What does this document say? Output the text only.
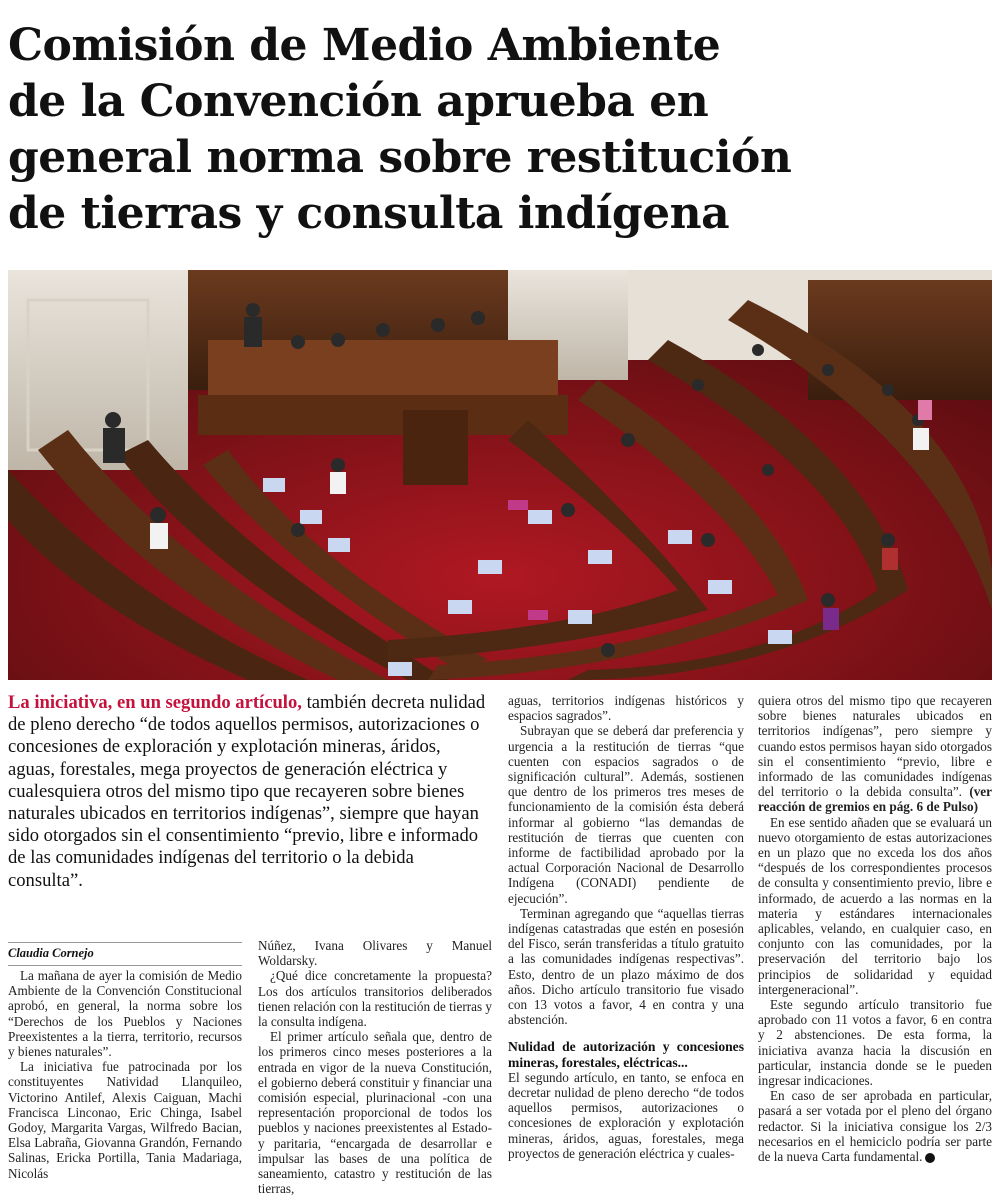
Comisión de Medio Ambiente
de la Convención aprueba en
general norma sobre restitución
de tierras y consulta indígena

La iniciativa, en un segundo artículo, también decreta nulidad de pleno derecho “de todos aquellos permisos, autorizaciones o concesiones de exploración y explotación mineras, áridos, aguas, forestales, mega proyectos de generación eléctrica y cualesquiera otros del mismo tipo que recayeren sobre bienes naturales ubicados en territorios indígenas”, siempre que hayan sido otorgados sin el consentimiento “previo, libre e informado de las comunidades indígenas del territorio o la debida consulta”.

Claudia Cornejo

La mañana de ayer la comisión de Medio Ambiente de la Convención Constitucional aprobó, en general, la norma sobre los “Derechos de los Pueblos y Naciones Preexistentes a la tierra, territorio, recursos y bienes naturales”.

La iniciativa fue patrocinada por los constituyentes Natividad Llanquileo, Victorino Antilef, Alexis Caiguan, Machi Francisca Linconao, Eric Chinga, Isabel Godoy, Margarita Vargas, Wilfredo Bacian, Elsa Labraña, Giovanna Grandón, Fernando Salinas, Ericka Portilla, Tania Madariaga, Nicolás

Núñez, Ivana Olivares y Manuel Woldarsky.

¿Qué dice concretamente la propuesta? Los dos artículos transitorios deliberados tienen relación con la restitución de tierras y la consulta indígena.

El primer artículo señala que, dentro de los primeros cinco meses posteriores a la entrada en vigor de la nueva Constitución, el gobierno deberá constituir y financiar una comisión especial, plurinacional -con una representación proporcional de todos los pueblos y naciones preexistentes al Estado- y paritaria, “encargada de desarrollar e impulsar las bases de una política de saneamiento, catastro y restitución de las tierras,

aguas, territorios indígenas históricos y espacios sagrados”.

Subrayan que se deberá dar preferencia y urgencia a la restitución de tierras “que cuenten con espacios sagrados o de significación cultural”. Además, sostienen que dentro de los primeros tres meses de funcionamiento de la comisión ésta deberá informar al gobierno “las demandas de restitución de tierras que cuenten con informe de factibilidad aprobado por la actual Corporación Nacional de Desarrollo Indígena (CONADI) pendiente de ejecución”.

Terminan agregando que “aquellas tierras indígenas catastradas que estén en posesión del Fisco, serán transferidas a título gratuito a las comunidades indígenas respectivas”. Esto, dentro de un plazo máximo de dos años. Dicho artículo transitorio fue visado con 13 votos a favor, 4 en contra y una abstención.

Nulidad de autorización y concesiones mineras, forestales, eléctricas...

El segundo artículo, en tanto, se enfoca en decretar nulidad de pleno derecho “de todos aquellos permisos, autorizaciones o concesiones de exploración y explotación mineras, áridos, aguas, forestales, mega proyectos de generación eléctrica y cuales-

quiera otros del mismo tipo que recayeren sobre bienes naturales ubicados en territorios indígenas”, pero siempre y cuando estos permisos hayan sido otorgados sin el consentimiento “previo, libre e informado de las comunidades indígenas del territorio o la debida consulta”. (ver reacción de gremios en pág. 6 de Pulso)

En ese sentido añaden que se evaluará un nuevo otorgamiento de estas autorizaciones en un plazo que no exceda los dos años “después de los correspondientes procesos de consulta y consentimiento previo, libre e informado, de acuerdo a las normas en la materia y estándares internacionales aplicables, velando, en cualquier caso, en conjunto con las comunidades, por la preservación del territorio bajo los principios de solidaridad y equidad intergeneracional”.

Este segundo artículo transitorio fue aprobado con 11 votos a favor, 6 en contra y 2 abstenciones. De esta forma, la iniciativa avanza hacia la discusión en particular, instancia donde se le pueden ingresar indicaciones.

En caso de ser aprobada en particular, pasará a ser votada por el pleno del órgano redactor. Si la iniciativa consigue los 2/3 necesarios en el hemiciclo podría ser parte de la nueva Carta fundamental.
